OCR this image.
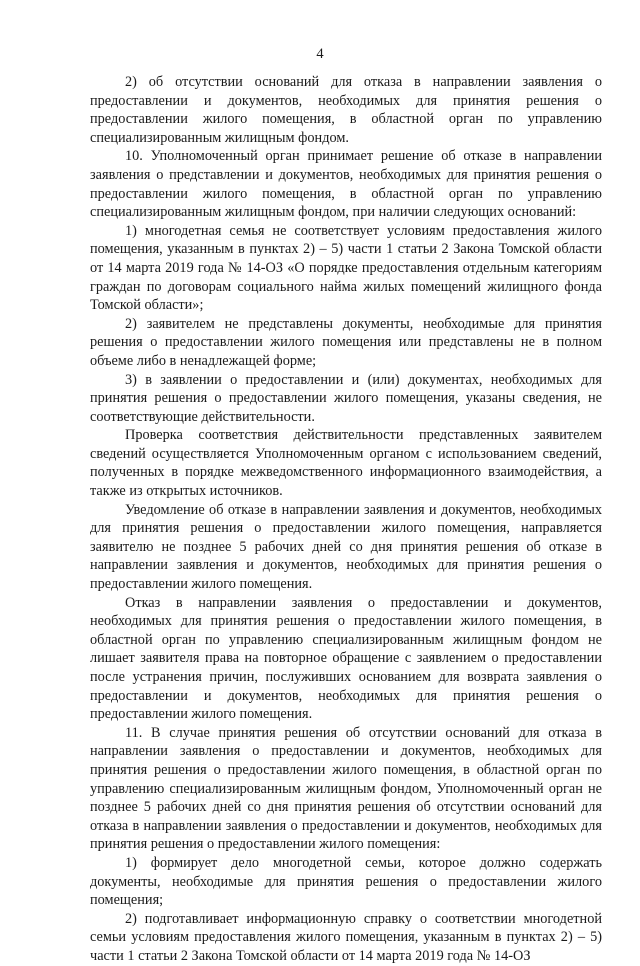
4

2) об отсутствии оснований для отказа в направлении заявления о предоставлении и документов, необходимых для принятия решения о предоставлении жилого помещения, в областной орган по управлению специализированным жилищным фондом.

10. Уполномоченный орган принимает решение об отказе в направлении заявления о представлении и документов, необходимых для принятия решения о предоставлении жилого помещения, в областной орган по управлению специализированным жилищным фондом, при наличии следующих оснований:

1) многодетная семья не соответствует условиям предоставления жилого помещения, указанным в пунктах 2) – 5) части 1 статьи 2 Закона Томской области от 14 марта 2019 года № 14-ОЗ «О порядке предоставления отдельным категориям граждан по договорам социального найма жилых помещений жилищного фонда Томской области»;

2) заявителем не представлены документы, необходимые для принятия решения о предоставлении жилого помещения или представлены не в полном объеме либо в ненадлежащей форме;

3) в заявлении о предоставлении и (или) документах, необходимых для принятия решения о предоставлении жилого помещения, указаны сведения, не соответствующие действительности.

Проверка соответствия действительности представленных заявителем сведений осуществляется Уполномоченным органом с использованием сведений, полученных в порядке межведомственного информационного взаимодействия, а также из открытых источников.

Уведомление об отказе в направлении заявления и документов, необходимых для принятия решения о предоставлении жилого помещения, направляется заявителю не позднее 5 рабочих дней со дня принятия решения об отказе в направлении заявления и документов, необходимых для принятия решения о предоставлении жилого помещения.

Отказ в направлении заявления о предоставлении и документов, необходимых для принятия решения о предоставлении жилого помещения, в областной орган по управлению специализированным жилищным фондом не лишает заявителя права на повторное обращение с заявлением о предоставлении после устранения причин, послуживших основанием для возврата заявления о предоставлении и документов, необходимых для принятия решения о предоставлении жилого помещения.

11. В случае принятия решения об отсутствии оснований для отказа в направлении заявления о предоставлении и документов, необходимых для принятия решения о предоставлении жилого помещения, в областной орган по управлению специализированным жилищным фондом, Уполномоченный орган не позднее 5 рабочих дней со дня принятия решения об отсутствии оснований для отказа в направлении заявления о предоставлении и документов, необходимых для принятия решения о предоставлении жилого помещения:

1) формирует дело многодетной семьи, которое должно содержать документы, необходимые для принятия решения о предоставлении жилого помещения;

2) подготавливает информационную справку о соответствии многодетной семьи условиям предоставления жилого помещения, указанным в пунктах 2) – 5) части 1 статьи 2 Закона Томской области от 14 марта 2019 года № 14-ОЗ
